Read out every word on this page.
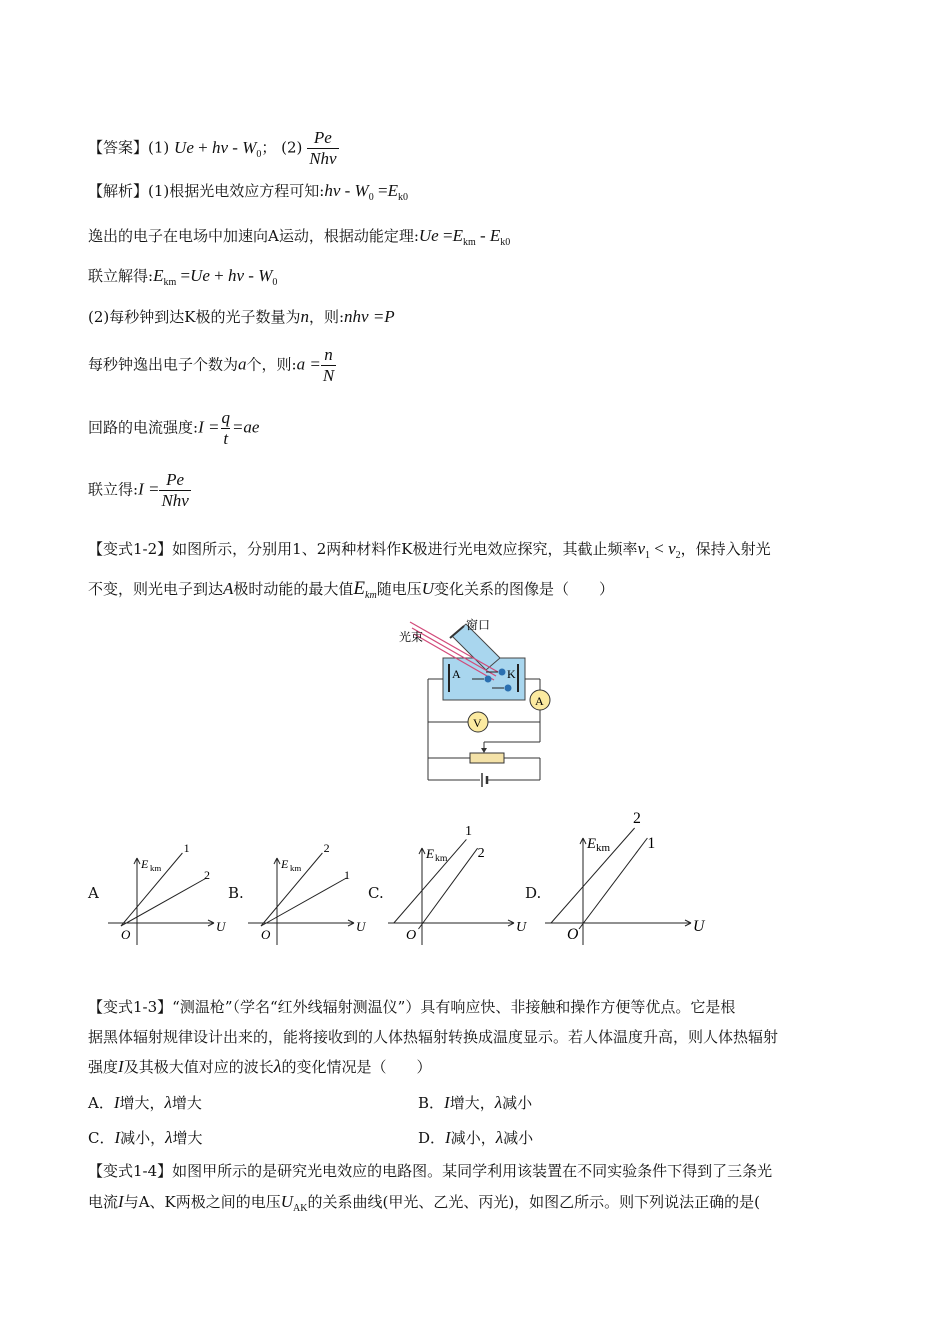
【答案】(1) $Ue + h\nu - W_0$； $(2) \frac{Pe}{\text{Nhν}}$
【解析】(1)根据光电效应方程可知:hν - $W_0 =E_{k0}$
逸出的电子在电场中加速向A运动，根据动能定理:Ue $=E_{km} - E_{k0}$
联立解得$:E_{km} =Ue + h\nu - W_0$
(2)每秒钟到达K极的光子数量为n，则:nhν =P
每秒钟逸出电子个数为a个，则:a = $\frac{n}{N}$
回路的电流强度:I = $\frac{q}{t} =ae$
联立得:I = $\frac{Pe}{\text{Nhν}}$
【变式1-2】如图所示，分别用1、2两种材料作K极进行光电效应探究，其截止频率$\nu_1 < \nu_2$，保持入射光
不变，则光电子到达A极时动能的最大值$E_{km}$随电压U变化关系的图像是（　　）
光束
窗口
A	K
A
V
A
E km
U
O
1
2
B.
E km
U
O
2
1
C.
E km
U
O
1
2
D.
E km
U
O
2
1
【变式1-3】“测温枪”（学名“红外线辐射测温仪”）具有响应快、非接触和操作方便等优点。它是根
据黑体辐射规律设计出来的，能将接收到的人体热辐射转换成温度显示。若人体温度升高，则人体热辐射
强度I及其极大值对应的波长λ的变化情况是（　　）
A．I增大，λ增大	B．I增大，λ减小
C．I减小，λ增大	D．I减小，λ减小
【变式1-4】如图甲所示的是研究光电效应的电路图。某同学利用该装置在不同实验条件下得到了三条光
电流I与A、K两极之间的电压$U_{AK}$的关系曲线(甲光、乙光、丙光)，如图乙所示。则下列说法正确的是(
